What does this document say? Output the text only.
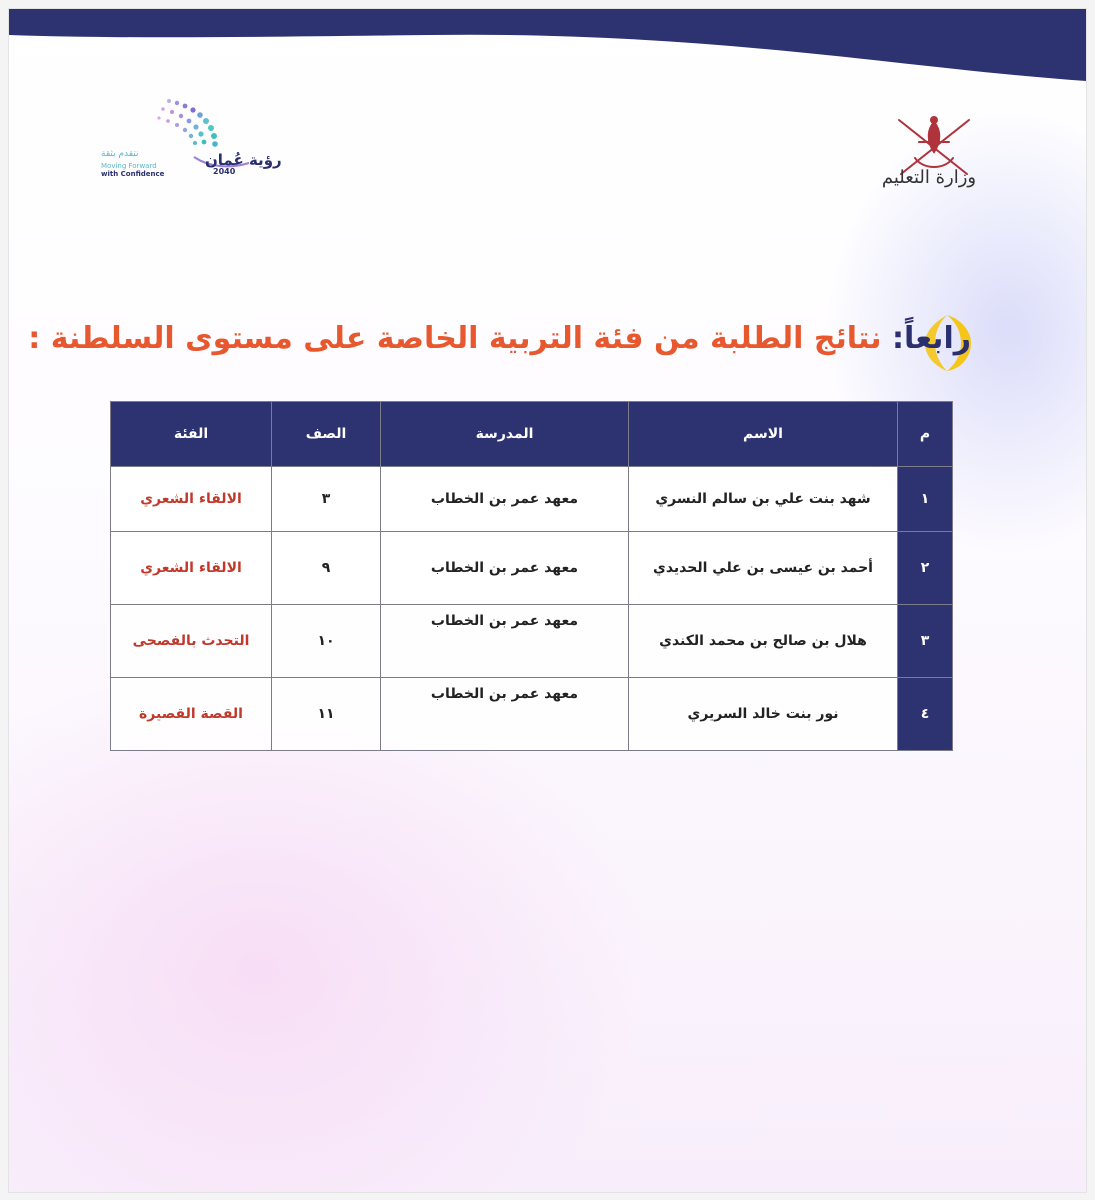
وزارة التعليم
رؤية عُمان
2040
نتقدم بثقة
Moving Forward
with Confidence
رابعاً: نتائج الطلبة من فئة التربية الخاصة على مستوى السلطنة :
م	الاسم	المدرسة	الصف	الفئة
١	شهد بنت علي بن سالم النسري	معهد عمر بن الخطاب	٣	الالقاء الشعري
٢	أحمد بن عيسى بن علي الحديدي	معهد عمر بن الخطاب	٩	الالقاء الشعري
٣	هلال بن صالح بن محمد الكندي	معهد عمر بن الخطاب	١٠	التحدث بالفصحى
٤	نور بنت خالد السريري	معهد عمر بن الخطاب	١١	القصة القصيرة
